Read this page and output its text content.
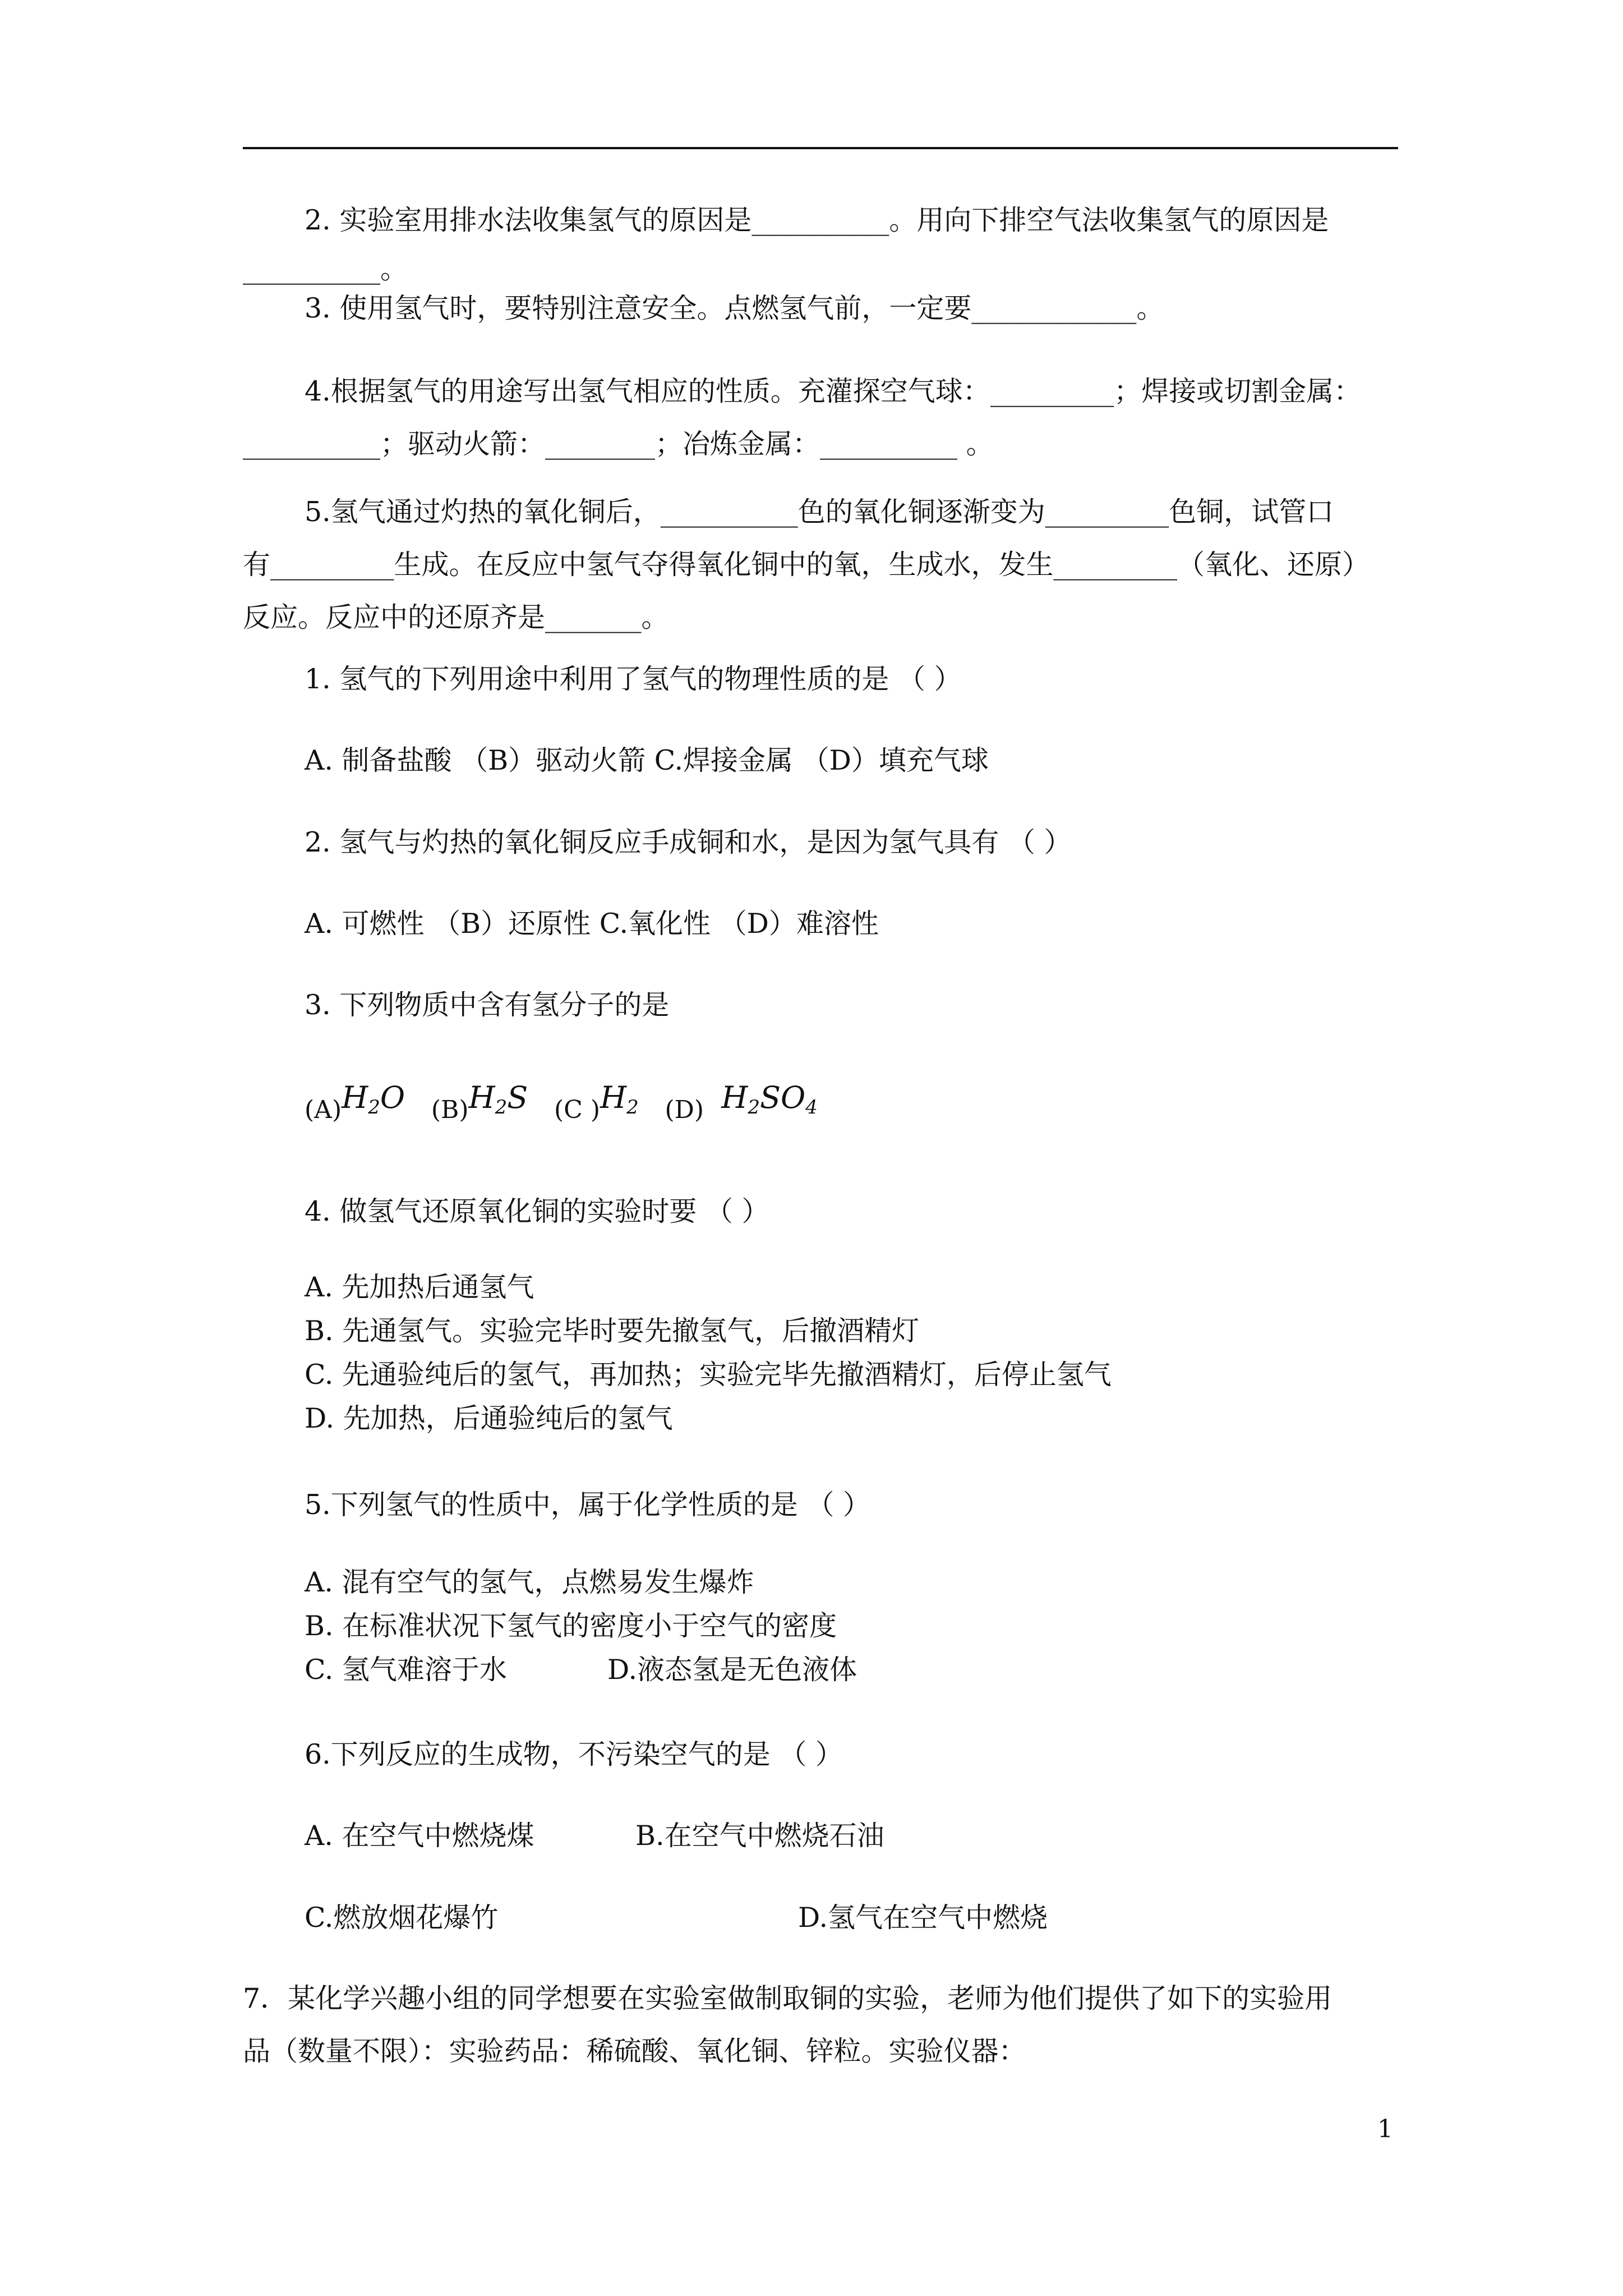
2. 实验室用排水法收集氢气的原因是__________。用向下排空气法收集氢气的原因是
__________。
3. 使用氢气时，要特别注意安全。点燃氢气前，一定要____________。
4.根据氢气的用途写出氢气相应的性质。充灌探空气球：_________；焊接或切割金属：
__________；驱动火箭：________；冶炼金属：__________ 。
5.氢气通过灼热的氧化铜后，__________色的氧化铜逐渐变为_________色铜，试管口
有_________生成。在反应中氢气夺得氧化铜中的氧，生成水，发生_________（氧化、还原）
反应。反应中的还原齐是_______。
1. 氢气的下列用途中利用了氢气的物理性质的是 （ ）
A. 制备盐酸 （B）驱动火箭 C.焊接金属 （D）填充气球
2. 氢气与灼热的氧化铜反应手成铜和水，是因为氢气具有 （ ）
A. 可燃性 （B）还原性 C.氧化性 （D）难溶性
3. 下列物质中含有氢分子的是
$(A)H_2O$ $(B)H_2S$ (C )$H_2$ (D) $H_2SO_4$
4. 做氢气还原氧化铜的实验时要 （ ）
A. 先加热后通氢气
B. 先通氢气。实验完毕时要先撤氢气，后撤酒精灯
C. 先通验纯后的氢气，再加热；实验完毕先撤酒精灯，后停止氢气
D. 先加热，后通验纯后的氢气
5.下列氢气的性质中，属于化学性质的是 （ ）
A. 混有空气的氢气，点燃易发生爆炸
B. 在标准状况下氢气的密度小于空气的密度
C. 氢气难溶于水	D.液态氢是无色液体
6.下列反应的生成物，不污染空气的是 （ ）
A. 在空气中燃烧煤	B.在空气中燃烧石油
C.燃放烟花爆竹	D.氢气在空气中燃烧
7．某化学兴趣小组的同学想要在实验室做制取铜的实验，老师为他们提供了如下的实验用
品（数量不限）：实验药品：稀硫酸、氧化铜、锌粒。实验仪器：
1
